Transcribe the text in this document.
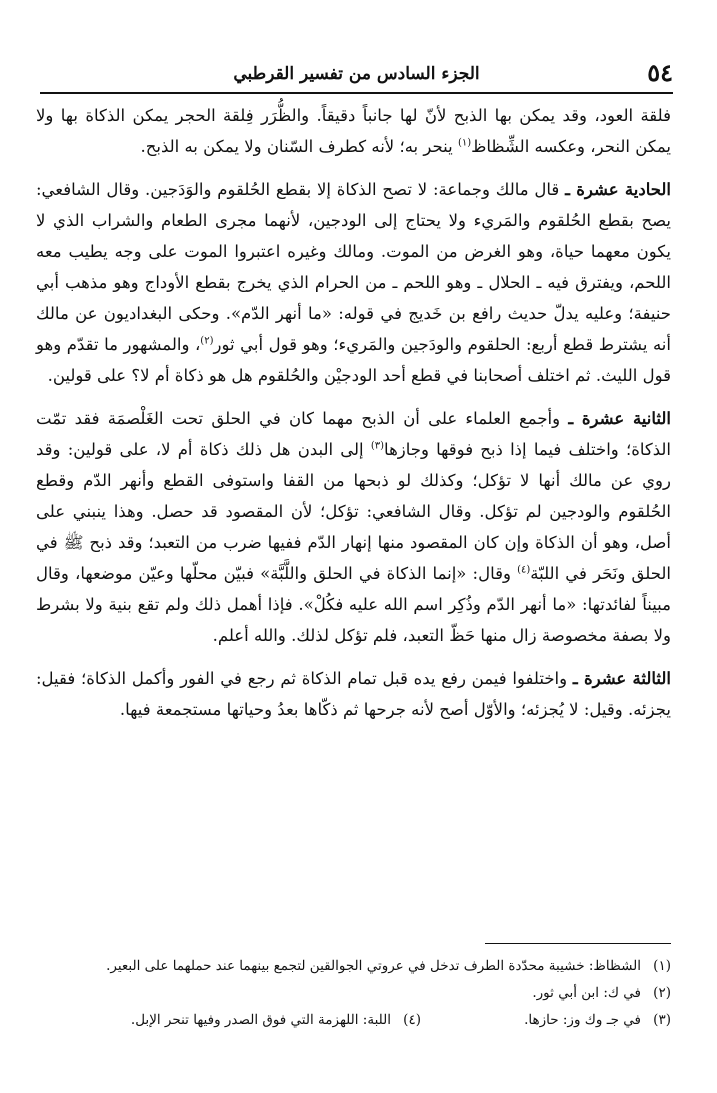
٥٤
الجزء السادس من تفسير القرطبي

فلقة العود، وقد يمكن بها الذبح لأنّ لها جانباً دقيقاً. والظُّرَر فِلقة الحجر يمكن الذكاة بها ولا يمكن النحر، وعكسه الشِّظاظ$^{(١)}$ ينحر به؛ لأنه كطرف السّنان ولا يمكن به الذبح.

الحادية عشرة ـ قال مالك وجماعة: لا تصح الذكاة إلا بقطع الحُلقوم والوَدَجين. وقال الشافعي: يصح بقطع الحُلقوم والمَريء ولا يحتاج إلى الودجين، لأنهما مجرى الطعام والشراب الذي لا يكون معهما حياة، وهو الغرض من الموت. ومالك وغيره اعتبروا الموت على وجه يطيب معه اللحم، ويفترق فيه ـ الحلال ـ وهو اللحم ـ من الحرام الذي يخرج بقطع الأوداج وهو مذهب أبي حنيفة؛ وعليه يدلّ حديث رافع بن خَديج في قوله: «ما أنهر الدّم». وحكى البغداديون عن مالك أنه يشترط قطع أربع: الحلقوم والودَجين والمَريء؛ وهو قول أبي ثور$^{(٢)}$، والمشهور ما تقدّم وهو قول الليث. ثم اختلف أصحابنا في قطع أحد الودجيْن والحُلقوم هل هو ذكاة أم لا؟ على قولين.

الثانية عشرة ـ وأجمع العلماء على أن الذبح مهما كان في الحلق تحت الغَلْصمَة فقد تمّت الذكاة؛ واختلف فيما إذا ذبح فوقها وجازها$^{(٣)}$ إلى البدن هل ذلك ذكاة أم لا، على قولين: وقد روي عن مالك أنها لا تؤكل؛ وكذلك لو ذبحها من القفا واستوفى القطع وأنهر الدّم وقطع الحُلقوم والودجين لم تؤكل. وقال الشافعي: تؤكل؛ لأن المقصود قد حصل. وهذا ينبني على أصل، وهو أن الذكاة وإن كان المقصود منها إنهار الدّم ففيها ضرب من التعبد؛ وقد ذبح ﷺ في الحلق ونَحَر في اللبّة$^{(٤)}$ وقال: «إنما الذكاة في الحلق واللَّبَّة» فبيّن محلّها وعيّن موضعها، وقال مبيناً لفائدتها: «ما أنهر الدّم وذُكِر اسم الله عليه فكُلْ». فإذا أهمل ذلك ولم تقع بنية ولا بشرط ولا بصفة مخصوصة زال منها حَظّ التعبد، فلم تؤكل لذلك. والله أعلم.

الثالثة عشرة ـ واختلفوا فيمن رفع يده قبل تمام الذكاة ثم رجع في الفور وأكمل الذكاة؛ فقيل: يجزئه. وقيل: لا يُجزئه؛ والأوّل أصح لأنه جرحها ثم ذكّاها بعدُ وحياتها مستجمعة فيها.

(١)الشظاظ: خشيبة محدّدة الطرف تدخل في عروتي الجوالقين لتجمع بينهما عند حملهما على البعير.

(٢)في ك: ابن أبي ثور.

(٣)في جـ وك وز: حازها.

(٤)اللبة: اللهزمة التي فوق الصدر وفيها تنحر الإبل.
